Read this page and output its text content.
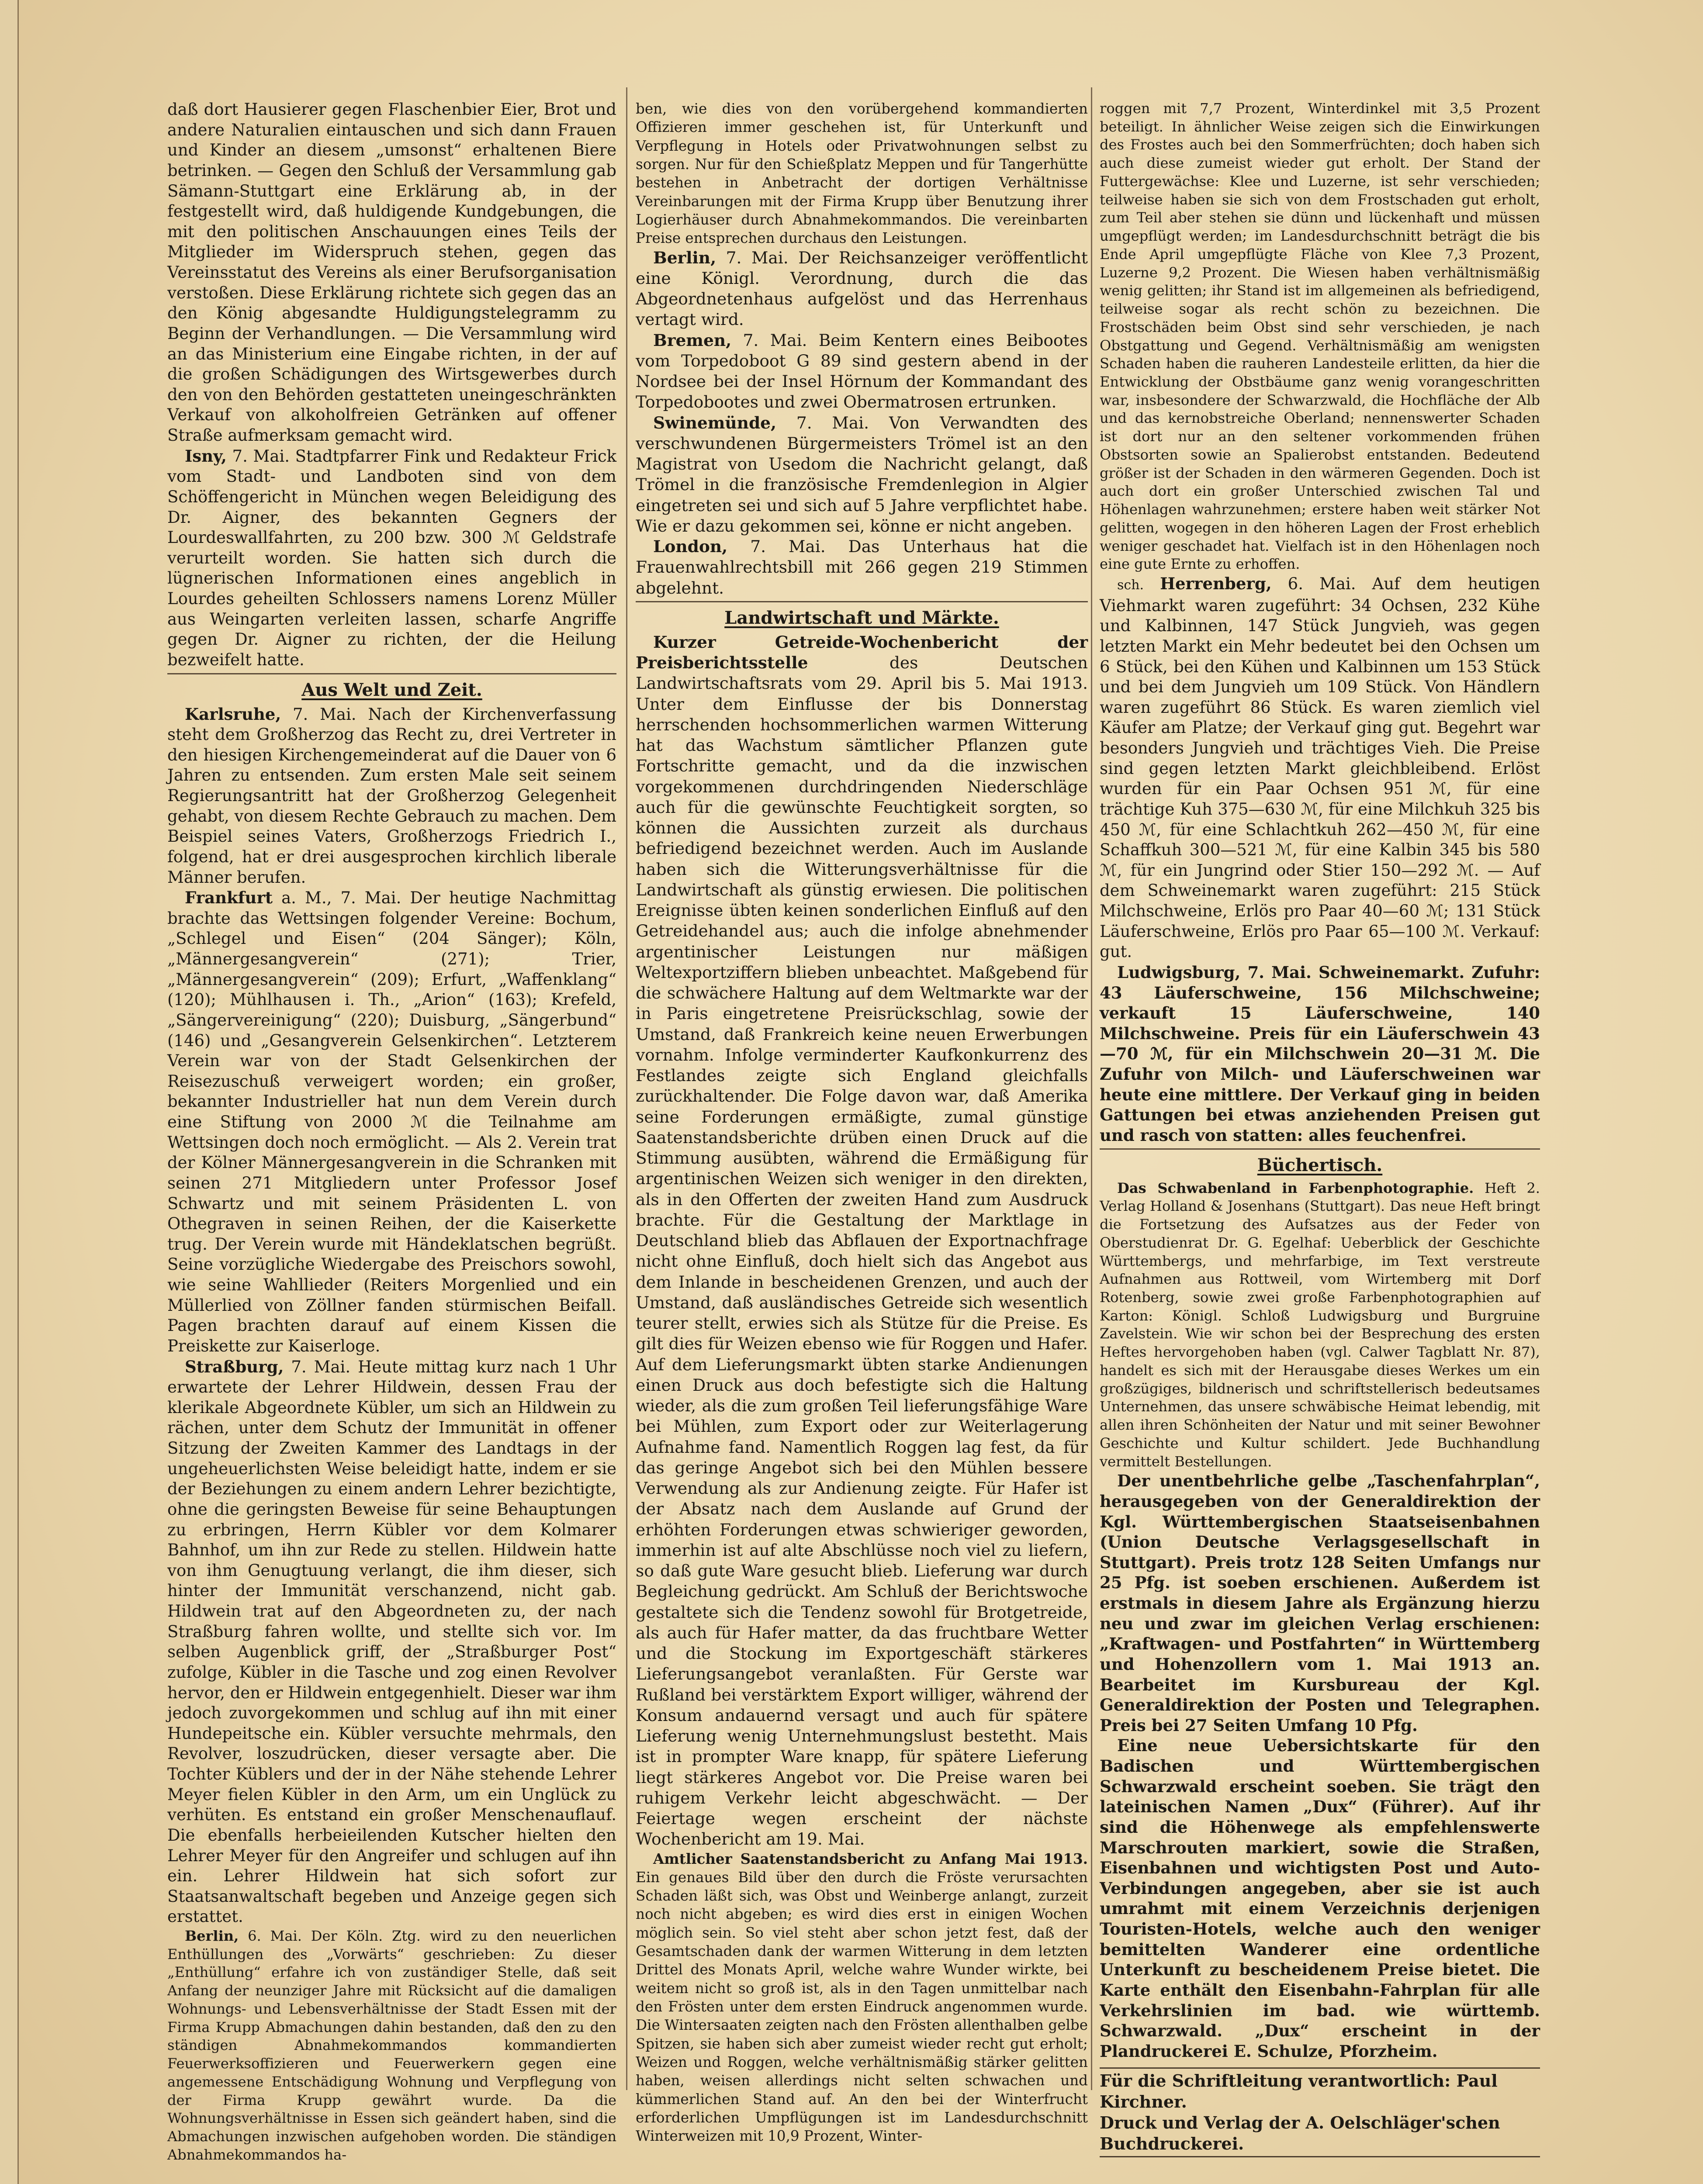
daß dort Hausierer gegen Flaschenbier Eier, Brot und andere Naturalien eintauschen und sich dann Frauen und Kinder an diesem „umsonst“ erhaltenen Biere betrinken. — Gegen den Schluß der Versammlung gab Sämann-Stuttgart eine Erklärung ab, in der festgestellt wird, daß huldigende Kundgebungen, die mit den politischen Anschauungen eines Teils der Mitglieder im Widerspruch stehen, gegen das Vereinsstatut des Vereins als einer Berufsorganisation verstoßen. Diese Erklärung richtete sich gegen das an den König abgesandte Huldigungstelegramm zu Beginn der Verhandlungen. — Die Versammlung wird an das Ministerium eine Eingabe richten, in der auf die großen Schädigungen des Wirtsgewerbes durch den von den Behörden gestatteten uneingeschränkten Verkauf von alkoholfreien Getränken auf offener Straße aufmerksam gemacht wird.

Isny, 7. Mai. Stadtpfarrer Fink und Redakteur Frick vom Stadt- und Landboten sind von dem Schöffengericht in München wegen Beleidigung des Dr. Aigner, des bekannten Gegners der Lourdeswallfahrten, zu 200 bzw. 300 ℳ Geldstrafe verurteilt worden. Sie hatten sich durch die lügnerischen Informationen eines angeblich in Lourdes geheilten Schlossers namens Lorenz Müller aus Weingarten verleiten lassen, scharfe Angriffe gegen Dr. Aigner zu richten, der die Heilung bezweifelt hatte.

Aus Welt und Zeit.

Karlsruhe, 7. Mai. Nach der Kirchenverfassung steht dem Großherzog das Recht zu, drei Vertreter in den hiesigen Kirchengemeinderat auf die Dauer von 6 Jahren zu entsenden. Zum ersten Male seit seinem Regierungsantritt hat der Großherzog Gelegenheit gehabt, von diesem Rechte Gebrauch zu machen. Dem Beispiel seines Vaters, Großherzogs Friedrich I., folgend, hat er drei ausgesprochen kirchlich liberale Männer berufen.

Frankfurt a. M., 7. Mai. Der heutige Nachmittag brachte das Wettsingen folgender Vereine: Bochum, „Schlegel und Eisen“ (204 Sänger); Köln, „Männergesangverein“ (271); Trier, „Männergesangverein“ (209); Erfurt, „Waffenklang“ (120); Mühlhausen i. Th., „Arion“ (163); Krefeld, „Sängervereinigung“ (220); Duisburg, „Sängerbund“ (146) und „Gesangverein Gelsenkirchen“. Letzterem Verein war von der Stadt Gelsenkirchen der Reisezuschuß verweigert worden; ein großer, bekannter Industrieller hat nun dem Verein durch eine Stiftung von 2000 ℳ die Teilnahme am Wettsingen doch noch ermöglicht. — Als 2. Verein trat der Kölner Männergesangverein in die Schranken mit seinen 271 Mitgliedern unter Professor Josef Schwartz und mit seinem Präsidenten L. von Othegraven in seinen Reihen, der die Kaiserkette trug. Der Verein wurde mit Händeklatschen begrüßt. Seine vorzügliche Wiedergabe des Preischors sowohl, wie seine Wahllieder (Reiters Morgenlied und ein Müllerlied von Zöllner fanden stürmischen Beifall. Pagen brachten darauf auf einem Kissen die Preiskette zur Kaiserloge.

Straßburg, 7. Mai. Heute mittag kurz nach 1 Uhr erwartete der Lehrer Hildwein, dessen Frau der klerikale Abgeordnete Kübler, um sich an Hildwein zu rächen, unter dem Schutz der Immunität in offener Sitzung der Zweiten Kammer des Landtags in der ungeheuerlichsten Weise beleidigt hatte, indem er sie der Beziehungen zu einem andern Lehrer bezichtigte, ohne die geringsten Beweise für seine Behauptungen zu erbringen, Herrn Kübler vor dem Kolmarer Bahnhof, um ihn zur Rede zu stellen. Hildwein hatte von ihm Genugtuung verlangt, die ihm dieser, sich hinter der Immunität verschanzend, nicht gab. Hildwein trat auf den Abgeordneten zu, der nach Straßburg fahren wollte, und stellte sich vor. Im selben Augenblick griff, der „Straßburger Post“ zufolge, Kübler in die Tasche und zog einen Revolver hervor, den er Hildwein entgegenhielt. Dieser war ihm jedoch zuvorgekommen und schlug auf ihn mit einer Hundepeitsche ein. Kübler versuchte mehrmals, den Revolver, loszudrücken, dieser versagte aber. Die Tochter Küblers und der in der Nähe stehende Lehrer Meyer fielen Kübler in den Arm, um ein Unglück zu verhüten. Es entstand ein großer Menschenauflauf. Die ebenfalls herbeieilenden Kutscher hielten den Lehrer Meyer für den Angreifer und schlugen auf ihn ein. Lehrer Hildwein hat sich sofort zur Staatsanwaltschaft begeben und Anzeige gegen sich erstattet.

Berlin, 6. Mai. Der Köln. Ztg. wird zu den neuerlichen Enthüllungen des „Vorwärts“ geschrieben: Zu dieser „Enthüllung“ erfahre ich von zuständiger Stelle, daß seit Anfang der neunziger Jahre mit Rücksicht auf die damaligen Wohnungs- und Lebensverhältnisse der Stadt Essen mit der Firma Krupp Abmachungen dahin bestanden, daß den zu den ständigen Abnahmekommandos kommandierten Feuerwerksoffizieren und Feuerwerkern gegen eine angemessene Entschädigung Wohnung und Verpflegung von der Firma Krupp gewährt wurde. Da die Wohnungsverhältnisse in Essen sich geändert haben, sind die Abmachungen inzwischen aufgehoben worden. Die ständigen Abnahmekommandos ha-

ben, wie dies von den vorübergehend kommandierten Offizieren immer geschehen ist, für Unterkunft und Verpflegung in Hotels oder Privatwohnungen selbst zu sorgen. Nur für den Schießplatz Meppen und für Tangerhütte bestehen in Anbetracht der dortigen Verhältnisse Vereinbarungen mit der Firma Krupp über Benutzung ihrer Logierhäuser durch Abnahmekommandos. Die vereinbarten Preise entsprechen durchaus den Leistungen.

Berlin, 7. Mai. Der Reichsanzeiger veröffentlicht eine Königl. Verordnung, durch die das Abgeordnetenhaus aufgelöst und das Herrenhaus vertagt wird.

Bremen, 7. Mai. Beim Kentern eines Beibootes vom Torpedoboot G 89 sind gestern abend in der Nordsee bei der Insel Hörnum der Kommandant des Torpedobootes und zwei Obermatrosen ertrunken.

Swinemünde, 7. Mai. Von Verwandten des verschwundenen Bürgermeisters Trömel ist an den Magistrat von Usedom die Nachricht gelangt, daß Trömel in die französische Fremdenlegion in Algier eingetreten sei und sich auf 5 Jahre verpflichtet habe. Wie er dazu gekommen sei, könne er nicht angeben.

London, 7. Mai. Das Unterhaus hat die Frauenwahlrechtsbill mit 266 gegen 219 Stimmen abgelehnt.

Landwirtschaft und Märkte.

Kurzer Getreide-Wochenbericht der Preisberichtsstelle	des Deutschen Landwirtschaftsrats vom 29. April bis 5. Mai 1913. Unter dem Einflusse der bis Donnerstag herrschenden hochsommerlichen warmen Witterung hat das Wachstum sämtlicher Pflanzen gute Fortschritte gemacht, und da die inzwischen vorgekommenen durchdringenden Niederschläge auch für die gewünschte Feuchtigkeit sorgten, so können die Aussichten zurzeit als durchaus befriedigend bezeichnet werden. Auch im Auslande haben sich die Witterungsverhältnisse für die Landwirtschaft als günstig erwiesen. Die politischen Ereignisse übten keinen sonderlichen Einfluß auf den Getreidehandel aus; auch die infolge abnehmender argentinischer Leistungen nur mäßigen Weltexportziffern blieben unbeachtet. Maßgebend für die schwächere Haltung auf dem Weltmarkte war der in Paris eingetretene Preisrückschlag, sowie der Umstand, daß Frankreich keine neuen Erwerbungen vornahm. Infolge verminderter Kaufkonkurrenz des Festlandes zeigte sich England gleichfalls zurückhaltender. Die Folge davon war, daß Amerika seine Forderungen ermäßigte, zumal günstige Saatenstandsberichte drüben einen Druck auf die Stimmung ausübten, während die Ermäßigung für argentinischen Weizen sich weniger in den direkten, als in den Offerten der zweiten Hand zum Ausdruck brachte. Für die Gestaltung der Marktlage in Deutschland blieb das Abflauen der Exportnachfrage nicht ohne Einfluß, doch hielt sich das Angebot aus dem Inlande in bescheidenen Grenzen, und auch der Umstand, daß ausländisches Getreide sich wesentlich teurer stellt, erwies sich als Stütze für die Preise. Es gilt dies für Weizen ebenso wie für Roggen und Hafer. Auf dem Lieferungsmarkt übten starke Andienungen einen Druck aus doch befestigte sich die Haltung wieder, als die zum großen Teil lieferungsfähige Ware bei Mühlen, zum Export oder zur Weiterlagerung Aufnahme fand. Namentlich Roggen lag fest, da für das geringe Angebot sich bei den Mühlen bessere Verwendung als zur Andienung zeigte. Für Hafer ist der Absatz nach dem Auslande auf Grund der erhöhten Forderungen etwas schwieriger geworden, immerhin ist auf alte Abschlüsse noch viel zu liefern, so daß gute Ware gesucht blieb. Lieferung war durch Begleichung gedrückt. Am Schluß der Berichtswoche gestaltete sich die Tendenz sowohl für Brotgetreide, als auch für Hafer matter, da das fruchtbare Wetter und die Stockung im Exportgeschäft stärkeres Lieferungsangebot veranlaßten. Für Gerste war Rußland bei verstärktem Export williger, während der Konsum andauernd versagt und auch für spätere Lieferung wenig Unternehmungslust bestetht. Mais ist in prompter Ware knapp, für spätere Lieferung liegt stärkeres Angebot vor. Die Preise waren bei ruhigem Verkehr leicht abgeschwächt. — Der Feiertage wegen erscheint der nächste Wochenbericht am 19. Mai.

Amtlicher Saatenstandsbericht zu Anfang Mai 1913. Ein genaues Bild über den durch die Fröste verursachten Schaden läßt sich, was Obst und Weinberge anlangt, zurzeit noch nicht abgeben; es wird dies erst in einigen Wochen möglich sein. So viel steht aber schon jetzt fest, daß der Gesamtschaden dank der warmen Witterung in dem letzten Drittel des Monats April, welche wahre Wunder wirkte, bei weitem nicht so groß ist, als in den Tagen unmittelbar nach den Frösten unter dem ersten Eindruck angenommen wurde. Die Wintersaaten zeigten nach den Frösten allenthalben gelbe Spitzen, sie haben sich aber zumeist wieder recht gut erholt; Weizen und Roggen, welche verhältnismäßig stärker gelitten haben, weisen allerdings nicht selten schwachen und kümmerlichen Stand auf. An den bei der Winterfrucht erforderlichen Umpflügungen ist im Landesdurchschnitt Winterweizen mit 10,9 Prozent, Winter-

roggen mit 7,7 Prozent, Winterdinkel mit 3,5 Prozent beteiligt. In ähnlicher Weise zeigen sich die Einwirkungen des Frostes auch bei den Sommerfrüchten; doch haben sich auch diese zumeist wieder gut erholt. Der Stand der Futtergewächse: Klee und Luzerne, ist sehr verschieden; teilweise haben sie sich von dem Frostschaden gut erholt, zum Teil aber stehen sie dünn und lückenhaft und müssen umgepflügt werden; im Landesdurchschnitt beträgt die bis Ende April umgepflügte Fläche von Klee 7,3 Prozent, Luzerne 9,2 Prozent. Die Wiesen haben verhältnismäßig wenig gelitten; ihr Stand ist im allgemeinen als befriedigend, teilweise sogar als recht schön zu bezeichnen. Die Frostschäden beim Obst sind sehr verschieden, je nach Obstgattung und Gegend. Verhältnismäßig am wenigsten Schaden haben die rauheren Landesteile erlitten, da hier die Entwicklung der Obstbäume ganz wenig vorangeschritten war, insbesondere der Schwarzwald, die Hochfläche der Alb und das kernobstreiche Oberland; nennenswerter Schaden ist dort nur an den seltener vorkommenden frühen Obstsorten sowie an Spalierobst entstanden. Bedeutend größer ist der Schaden in den wärmeren Gegenden. Doch ist auch dort ein großer Unterschied zwischen Tal und Höhenlagen wahrzunehmen; erstere haben weit stärker Not gelitten, wogegen in den höheren Lagen der Frost erheblich weniger geschadet hat. Vielfach ist in den Höhenlagen noch eine gute Ernte zu erhoffen.

sch. Herrenberg, 6. Mai. Auf dem heutigen Viehmarkt waren zugeführt: 34 Ochsen, 232 Kühe und Kalbinnen, 147 Stück Jungvieh, was gegen letzten Markt ein Mehr bedeutet bei den Ochsen um 6 Stück, bei den Kühen und Kalbinnen um 153 Stück und bei dem Jungvieh um 109 Stück. Von Händlern waren zugeführt 86 Stück. Es waren ziemlich viel Käufer am Platze; der Verkauf ging gut. Begehrt war besonders Jungvieh und trächtiges Vieh. Die Preise sind gegen letzten Markt gleichbleibend. Erlöst wurden für ein Paar Ochsen 951 ℳ, für eine trächtige Kuh 375—630 ℳ, für eine Milchkuh 325 bis 450 ℳ, für eine Schlachtkuh 262—450 ℳ, für eine Schaffkuh 300—521 ℳ, für eine Kalbin 345 bis 580 ℳ, für ein Jungrind oder Stier 150—292 ℳ. — Auf dem Schweinemarkt waren zugeführt: 215 Stück Milchschweine, Erlös pro Paar 40—60 ℳ; 131 Stück Läuferschweine, Erlös pro Paar 65—100 ℳ. Verkauf: gut.

Ludwigsburg, 7. Mai. Schweinemarkt. Zufuhr: 43 Läuferschweine, 156 Milchschweine; verkauft 15 Läuferschweine, 140 Milchschweine. Preis für ein Läuferschwein 43—70 ℳ, für ein Milchschwein 20—31 ℳ. Die Zufuhr von Milch- und Läuferschweinen war heute eine mittlere. Der Verkauf ging in beiden Gattungen bei etwas anziehenden Preisen gut und rasch von statten: alles feuchenfrei.

Büchertisch.

Das Schwabenland in Farbenphotographie. Heft 2. Verlag Holland & Josenhans (Stuttgart). Das neue Heft bringt die Fortsetzung des Aufsatzes aus der Feder von Oberstudienrat Dr. G. Egelhaf: Ueberblick der Geschichte Württembergs, und mehrfarbige, im Text verstreute Aufnahmen aus Rottweil, vom Wirtemberg mit Dorf Rotenberg, sowie zwei große Farbenphotographien auf Karton: Königl. Schloß Ludwigsburg und Burgruine Zavelstein. Wie wir schon bei der Besprechung des ersten Heftes hervorgehoben haben (vgl. Calwer Tagblatt Nr. 87), handelt es sich mit der Herausgabe dieses Werkes um ein großzügiges, bildnerisch und schriftstellerisch bedeutsames Unternehmen, das unsere schwäbische Heimat lebendig, mit allen ihren Schönheiten der Natur und mit seiner Bewohner Geschichte und Kultur schildert. Jede Buchhandlung vermittelt Bestellungen.

Der unentbehrliche gelbe „Taschenfahrplan“, herausgegeben von der Generaldirektion der Kgl. Württembergischen Staatseisenbahnen (Union Deutsche Verlagsgesellschaft in Stuttgart). Preis trotz 128 Seiten Umfangs nur 25 Pfg. ist soeben erschienen. Außerdem ist erstmals in diesem Jahre als Ergänzung hierzu neu und zwar im gleichen Verlag erschienen: „Kraftwagen- und Postfahrten“ in Württemberg und Hohenzollern vom 1. Mai 1913 an. Bearbeitet im Kursbureau der Kgl. Generaldirektion der Posten und Telegraphen. Preis bei 27 Seiten Umfang 10 Pfg.

Eine neue Uebersichtskarte für den Badischen und Württembergischen Schwarzwald erscheint soeben. Sie trägt den lateinischen Namen „Dux“ (Führer). Auf ihr sind die Höhenwege als empfehlenswerte Marschrouten markiert, sowie die Straßen, Eisenbahnen und wichtigsten Post und Auto-Verbindungen angegeben, aber sie ist auch umrahmt mit einem Verzeichnis derjenigen Touristen-Hotels, welche auch den weniger bemittelten Wanderer eine ordentliche Unterkunft zu bescheidenem Preise bietet. Die Karte enthält den Eisenbahn-Fahrplan für alle Verkehrslinien im bad. wie württemb. Schwarzwald. „Dux“ erscheint in der Plandruckerei E. Schulze, Pforzheim.

Für die Schriftleitung verantwortlich: Paul Kirchner.
Druck und Verlag der A. Oelschläger'schen Buchdruckerei.
